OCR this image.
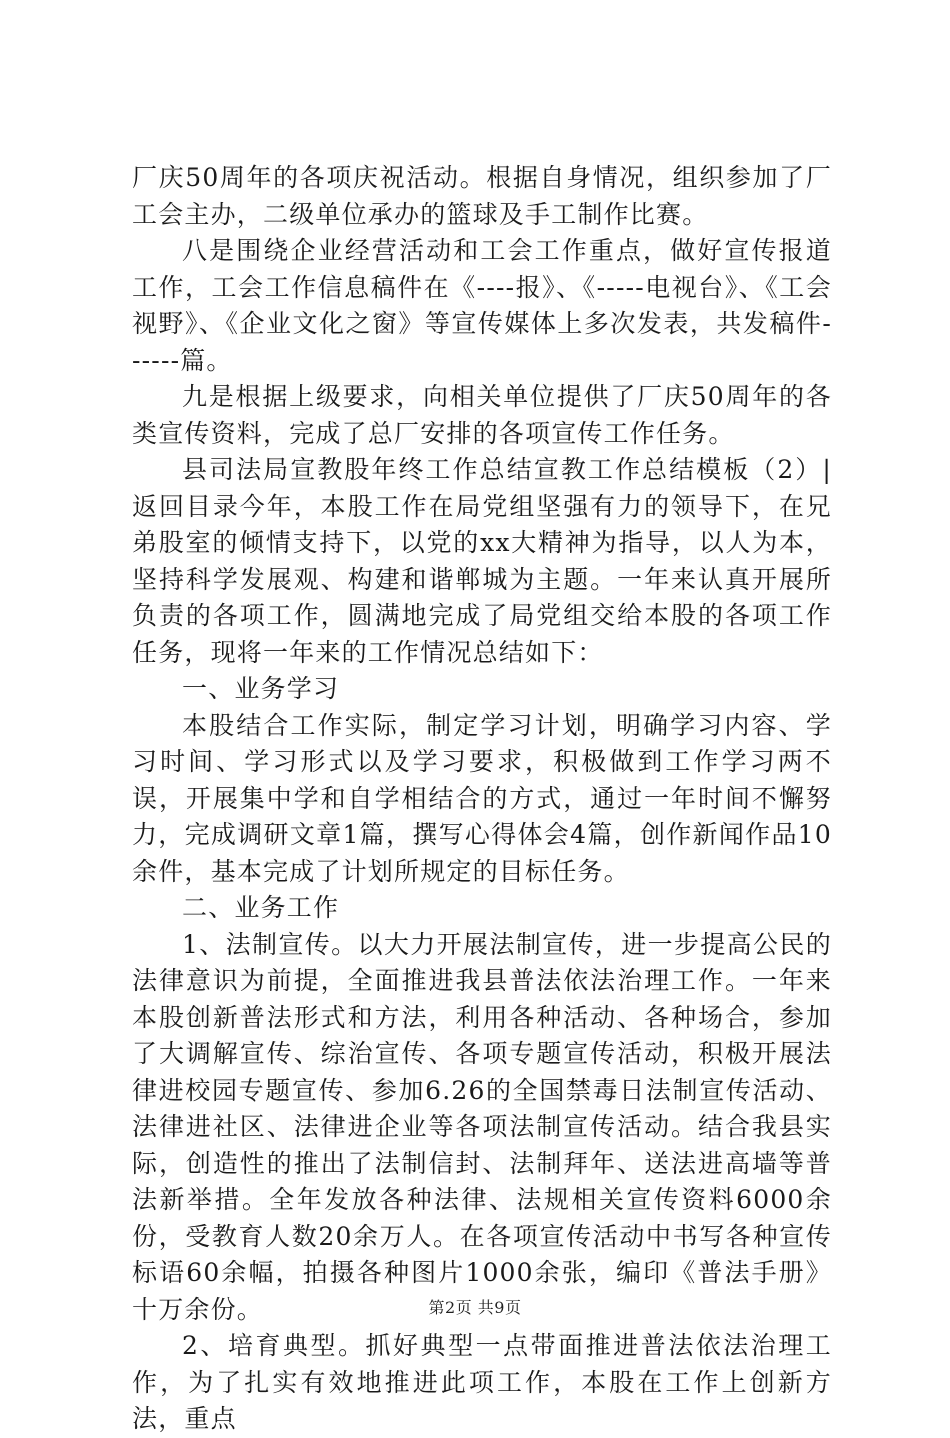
厂庆50周年的各项庆祝活动。根据自身情况，组织参加了厂工会主办，二级单位承办的篮球及手工制作比赛。

八是围绕企业经营活动和工会工作重点，做好宣传报道工作，工会工作信息稿件在《----报》、《-----电视台》、《工会视野》、《企业文化之窗》等宣传媒体上多次发表，共发稿件------篇。

九是根据上级要求，向相关单位提供了厂庆50周年的各类宣传资料，完成了总厂安排的各项宣传工作任务。

县司法局宣教股年终工作总结宣教工作总结模板（2）|返回目录今年，本股工作在局党组坚强有力的领导下，在兄弟股室的倾情支持下，以党的xx大精神为指导，以人为本，坚持科学发展观、构建和谐郸城为主题。一年来认真开展所负责的各项工作，圆满地完成了局党组交给本股的各项工作任务，现将一年来的工作情况总结如下：

一、业务学习

本股结合工作实际，制定学习计划，明确学习内容、学习时间、学习形式以及学习要求，积极做到工作学习两不误，开展集中学和自学相结合的方式，通过一年时间不懈努力，完成调研文章1篇，撰写心得体会4篇，创作新闻作品10余件，基本完成了计划所规定的目标任务。

二、业务工作

1、法制宣传。以大力开展法制宣传，进一步提高公民的法律意识为前提，全面推进我县普法依法治理工作。一年来本股创新普法形式和方法，利用各种活动、各种场合，参加了大调解宣传、综治宣传、各项专题宣传活动，积极开展法律进校园专题宣传、参加6.26的全国禁毒日法制宣传活动、法律进社区、法律进企业等各项法制宣传活动。结合我县实际，创造性的推出了法制信封、法制拜年、送法进高墙等普法新举措。全年发放各种法律、法规相关宣传资料6000余份，受教育人数20余万人。在各项宣传活动中书写各种宣传标语60余幅，拍摄各种图片1000余张，编印《普法手册》十万余份。

2、培育典型。抓好典型一点带面推进普法依法治理工作，为了扎实有效地推进此项工作，本股在工作上创新方法，重点

第2页 共9页
